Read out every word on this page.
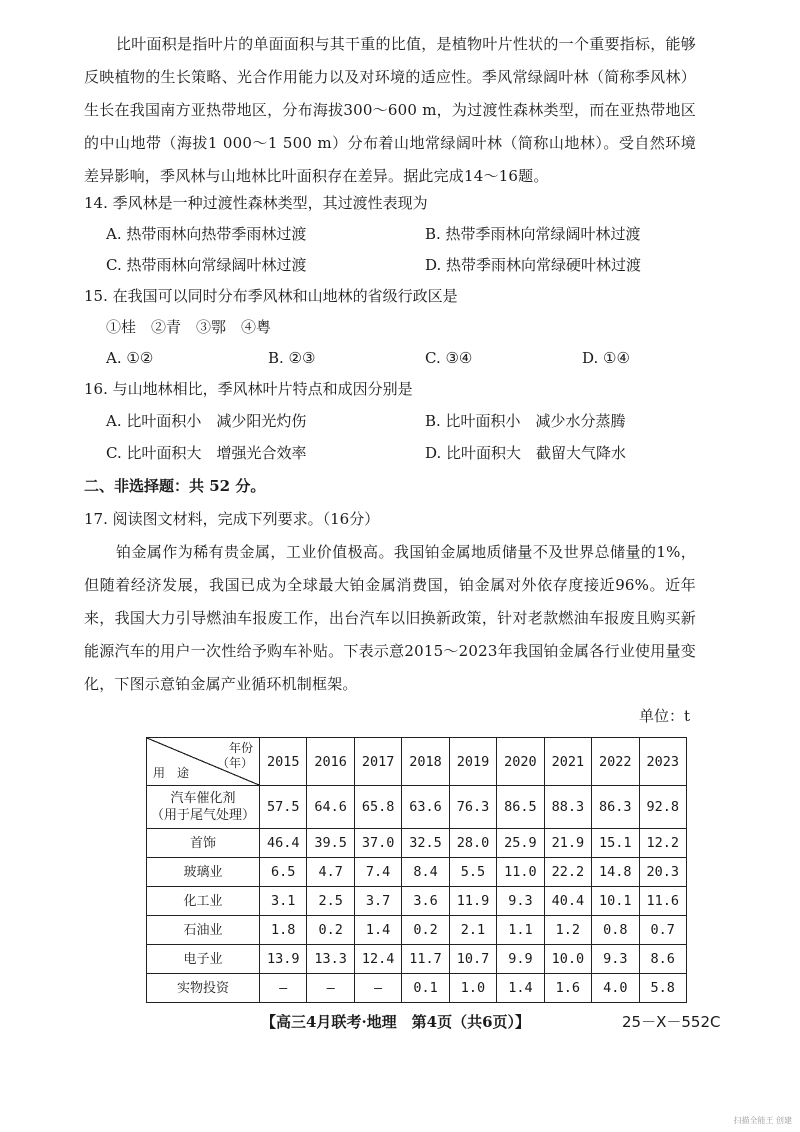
比叶面积是指叶片的单面面积与其干重的比值，是植物叶片性状的一个重要指标，能够反映植物的生长策略、光合作用能力以及对环境的适应性。季风常绿阔叶林（简称季风林）生长在我国南方亚热带地区，分布海拔300～600 m，为过渡性森林类型，而在亚热带地区的中山地带（海拔1 000～1 500 m）分布着山地常绿阔叶林（简称山地林）。受自然环境差异影响，季风林与山地林比叶面积存在差异。据此完成14～16题。
14. 季风林是一种过渡性森林类型，其过渡性表现为
A. 热带雨林向热带季雨林过渡	B. 热带季雨林向常绿阔叶林过渡
C. 热带雨林向常绿阔叶林过渡	D. 热带季雨林向常绿硬叶林过渡
15. 在我国可以同时分布季风林和山地林的省级行政区是
①桂　②青　③鄂　④粤
A. ①②	B. ②③	C. ③④	D. ①④
16. 与山地林相比，季风林叶片特点和成因分别是
A. 比叶面积小　减少阳光灼伤	B. 比叶面积小　减少水分蒸腾
C. 比叶面积大　增强光合效率	D. 比叶面积大　截留大气降水
二、非选择题：共 52 分。
17. 阅读图文材料，完成下列要求。（16分）
铂金属作为稀有贵金属，工业价值极高。我国铂金属地质储量不及世界总储量的1%，但随着经济发展，我国已成为全球最大铂金属消费国，铂金属对外依存度接近96%。近年来，我国大力引导燃油车报废工作，出台汽车以旧换新政策，针对老款燃油车报废且购买新能源汽车的用户一次性给予购车补贴。下表示意2015～2023年我国铂金属各行业使用量变化，下图示意铂金属产业循环机制框架。
单位：t
年份
（年）
用　途	2015	2016	2017	2018	2019	2020	2021	2022	2023
汽车催化剂
（用于尾气处理）	57.5	64.6	65.8	63.6	76.3	86.5	88.3	86.3	92.8
首饰	46.4	39.5	37.0	32.5	28.0	25.9	21.9	15.1	12.2
玻璃业	6.5	4.7	7.4	8.4	5.5	11.0	22.2	14.8	20.3
化工业	3.1	2.5	3.7	3.6	11.9	9.3	40.4	10.1	11.6
石油业	1.8	0.2	1.4	0.2	2.1	1.1	1.2	0.8	0.7
电子业	13.9	13.3	12.4	11.7	10.7	9.9	10.0	9.3	8.6
实物投资	—	—	—	0.1	1.0	1.4	1.6	4.0	5.8
【高三4月联考·地理　第4页（共6页）】	25－X－552C
扫描全能王 创建
